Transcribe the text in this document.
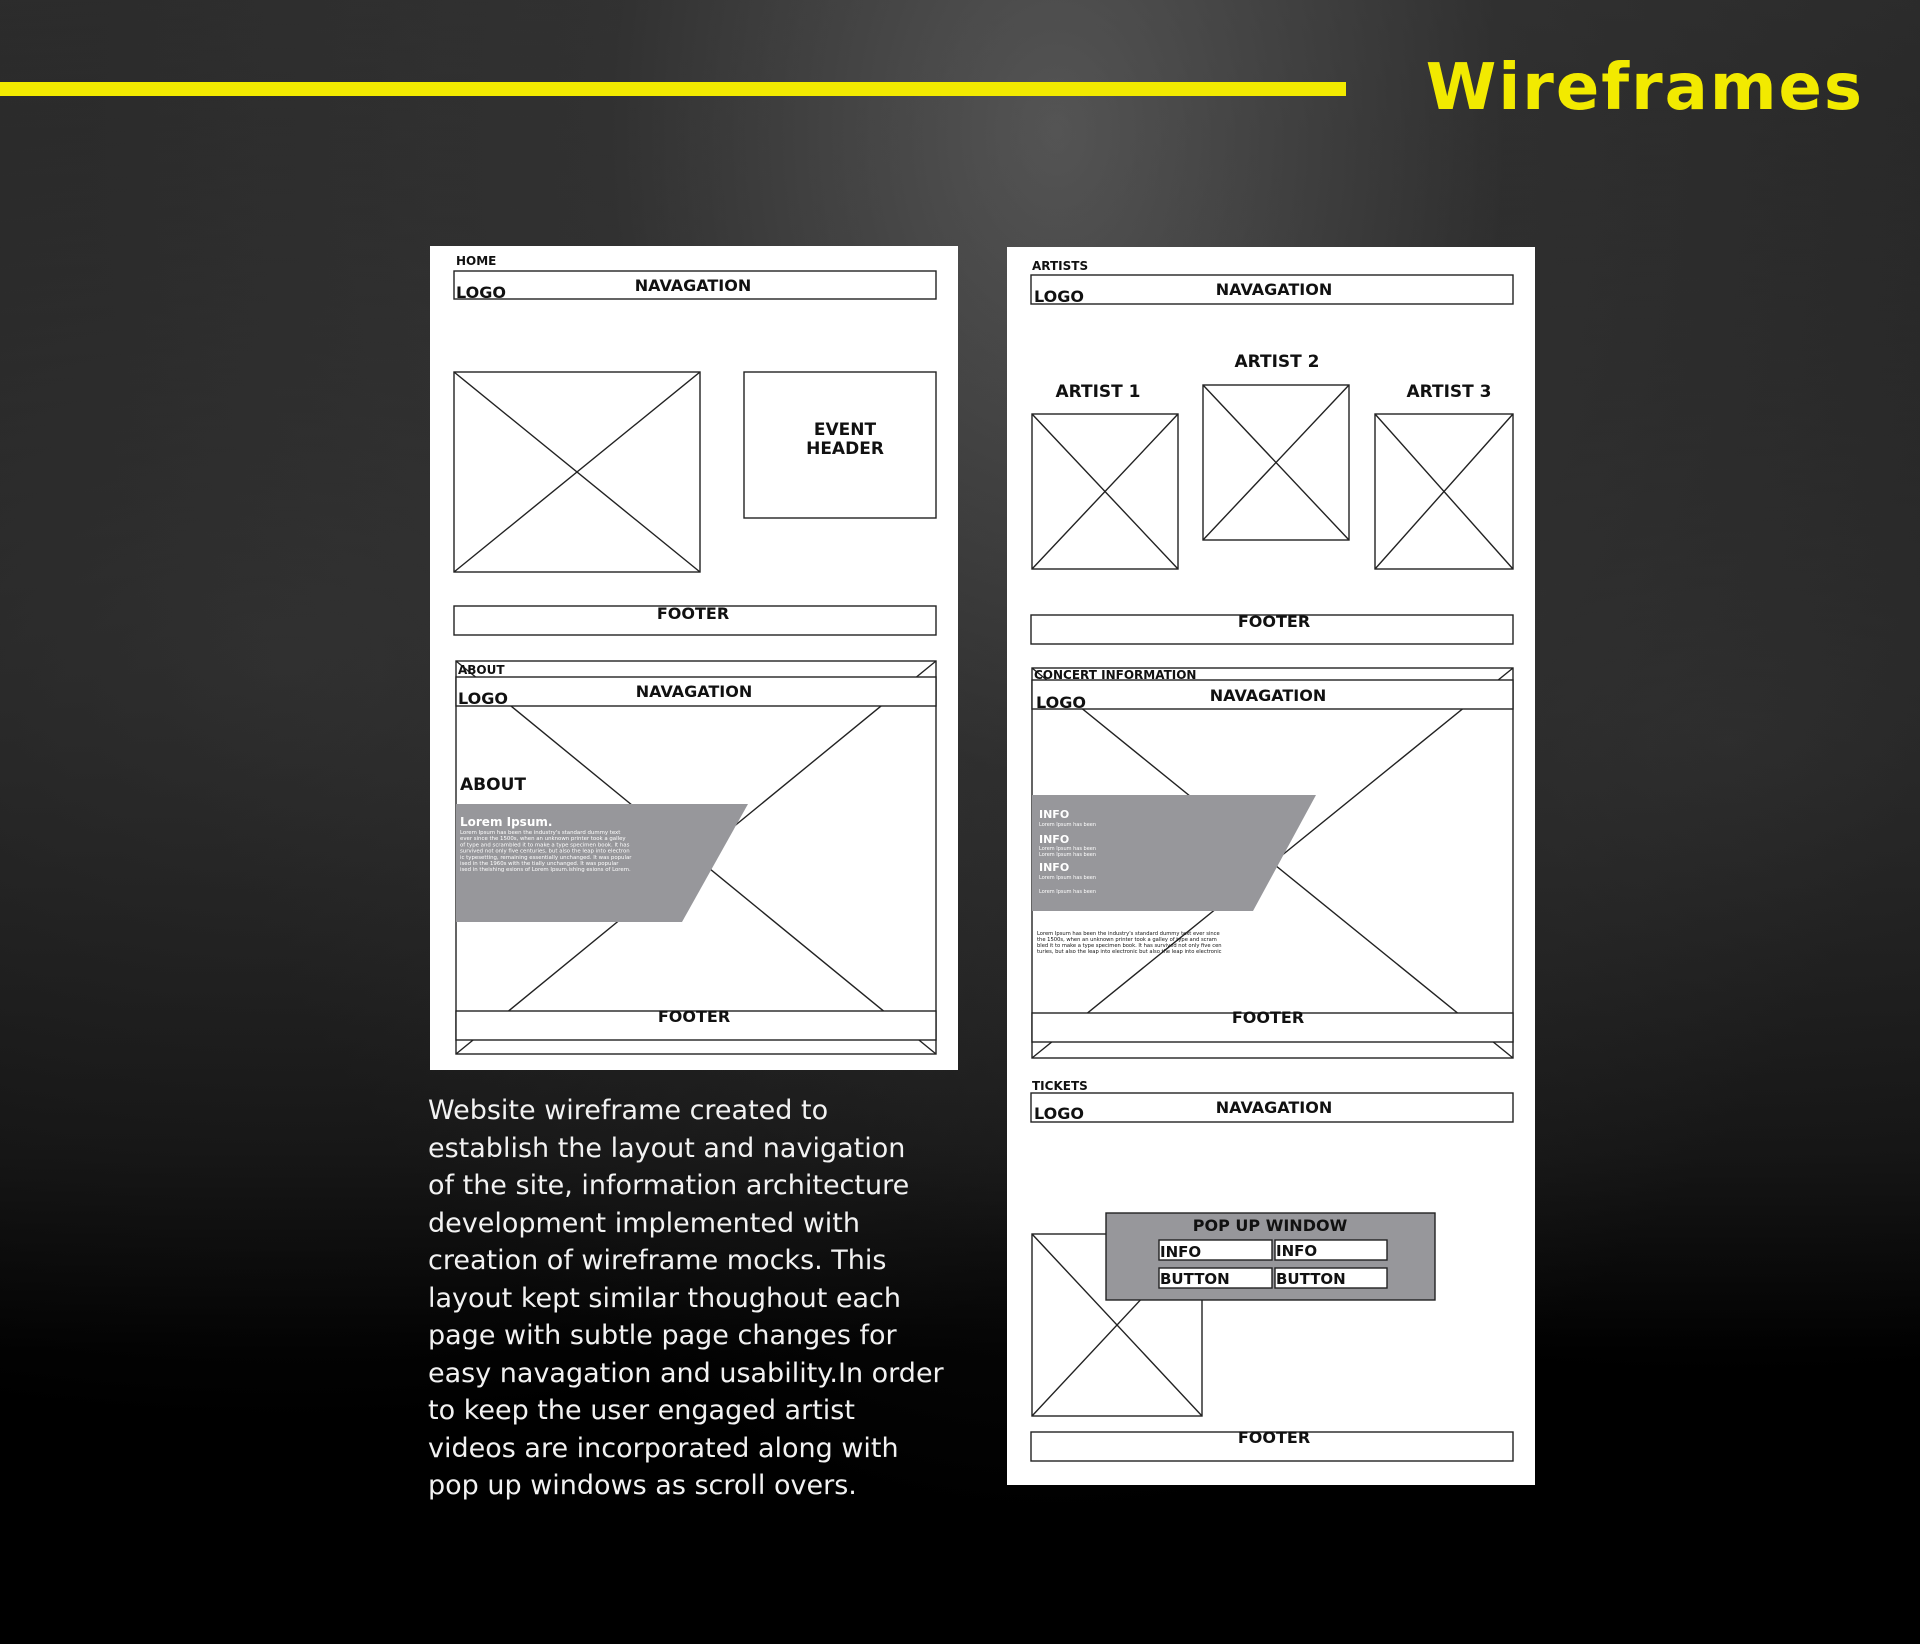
Wireframes
HOME
LOGO	NAVAGATION
EVENT
HEADER
FOOTER
ABOUT
LOGO	NAVAGATION
ABOUT
Lorem Ipsum.
Lorem Ipsum has been the industry's standard dummy text
ever since the 1500s, when an unknown printer took a galley
of type and scrambled it to make a type specimen book. It has
survived not only five centuries, but also the leap into electron
ic typesetting, remaining essentially unchanged. It was popular
ised in the 1960s with the tially unchanged. It was popular
ised in theishing esions of Lorem Ipsum.ishing esions of Lorem.
FOOTER
Website wireframe created to
establish the layout and navigation
of the site, information architecture
development implemented with
creation of wireframe mocks. This
layout kept similar thoughout each
page with subtle page changes for
easy navagation and usability.In order
to keep the user engaged artist
videos are incorporated along with
pop up windows as scroll overs.
ARTISTS
LOGO	NAVAGATION
ARTIST 2
ARTIST 1	ARTIST 3
FOOTER
CONCERT INFORMATION
LOGO	NAVAGATION
INFO
Lorem Ipsum has been
INFO
Lorem Ipsum has been
Lorem Ipsum has been
INFO
Lorem Ipsum has been
Lorem Ipsum has been
Lorem Ipsum has been the industry's standard dummy text ever since
the 1500s, when an unknown printer took a galley of type and scram
bled it to make a type specimen book. It has survived not only five cen
turies, but also the leap into electronic but also the leap into electronic
FOOTER
TICKETS
LOGO	NAVAGATION
POP UP WINDOW
INFO	INFO
BUTTON	BUTTON
FOOTER
